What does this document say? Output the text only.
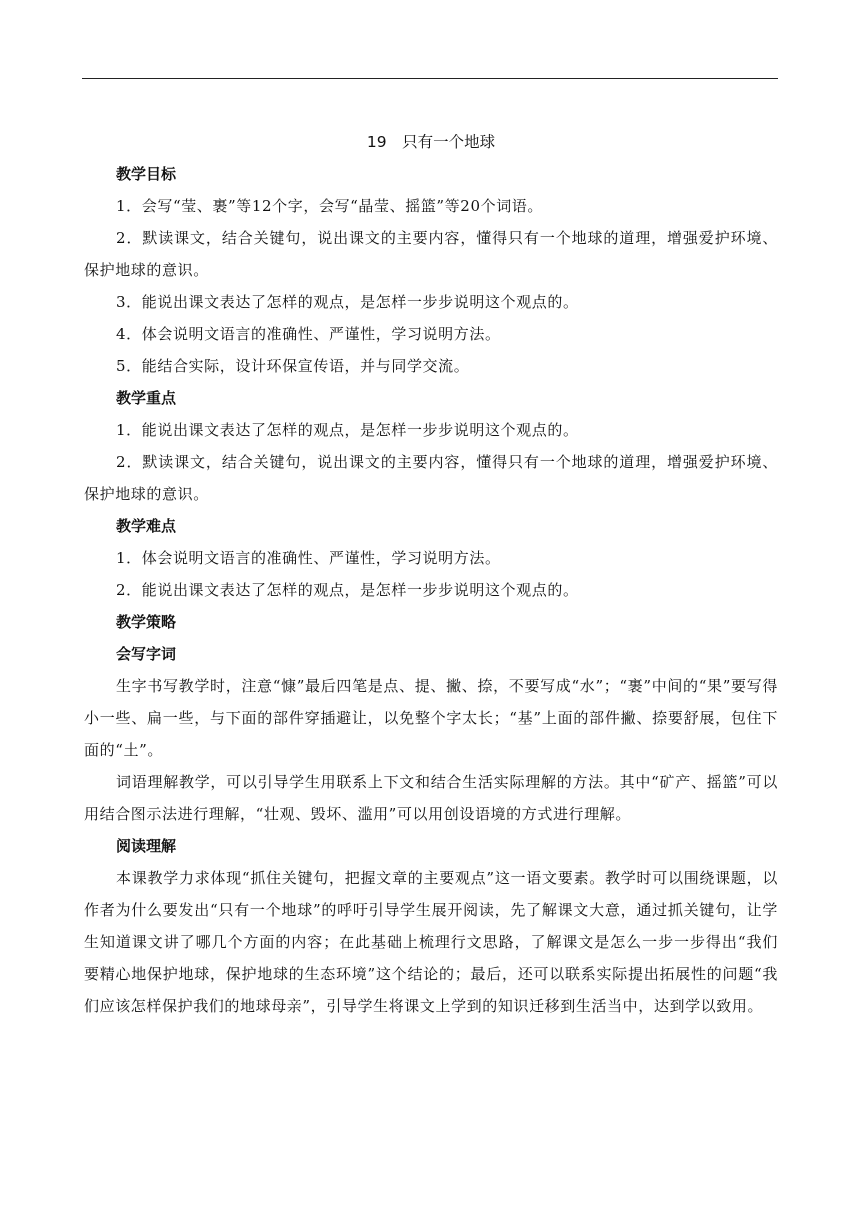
19　只有一个地球

教学目标

1．会写“莹、裹”等12个字，会写“晶莹、摇篮”等20个词语。

2．默读课文，结合关键句，说出课文的主要内容，懂得只有一个地球的道理，增强爱护环境、保护地球的意识。

3．能说出课文表达了怎样的观点，是怎样一步步说明这个观点的。

4．体会说明文语言的准确性、严谨性，学习说明方法。

5．能结合实际，设计环保宣传语，并与同学交流。

教学重点

1．能说出课文表达了怎样的观点，是怎样一步步说明这个观点的。

2．默读课文，结合关键句，说出课文的主要内容，懂得只有一个地球的道理，增强爱护环境、保护地球的意识。

教学难点

1．体会说明文语言的准确性、严谨性，学习说明方法。

2．能说出课文表达了怎样的观点，是怎样一步步说明这个观点的。

教学策略

会写字词

生字书写教学时，注意“慷”最后四笔是点、提、撇、捺，不要写成“水”；“裹”中间的“果”要写得小一些、扁一些，与下面的部件穿插避让，以免整个字太长；“基”上面的部件撇、捺要舒展，包住下面的“土”。

词语理解教学，可以引导学生用联系上下文和结合生活实际理解的方法。其中“矿产、摇篮”可以用结合图示法进行理解，“壮观、毁坏、滥用”可以用创设语境的方式进行理解。

阅读理解

本课教学力求体现“抓住关键句，把握文章的主要观点”这一语文要素。教学时可以围绕课题，以作者为什么要发出“只有一个地球”的呼吁引导学生展开阅读，先了解课文大意，通过抓关键句，让学生知道课文讲了哪几个方面的内容；在此基础上梳理行文思路，了解课文是怎么一步一步得出“我们要精心地保护地球，保护地球的生态环境”这个结论的；最后，还可以联系实际提出拓展性的问题“我们应该怎样保护我们的地球母亲”，引导学生将课文上学到的知识迁移到生活当中，达到学以致用。
